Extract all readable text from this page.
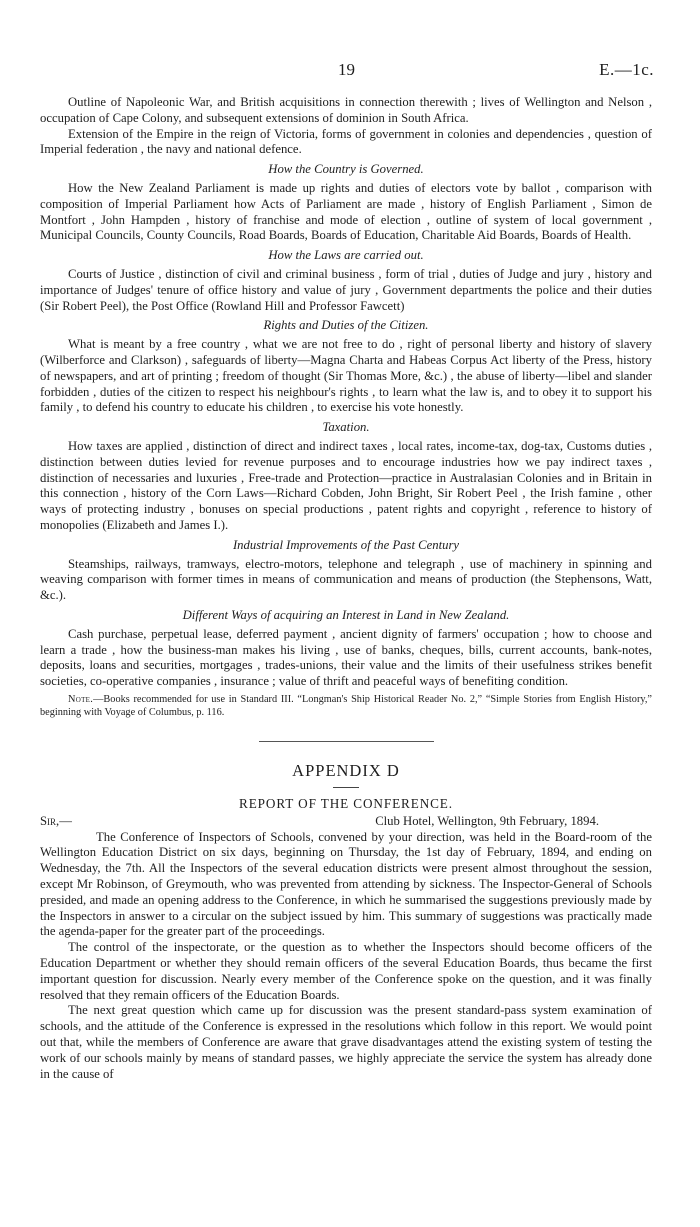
19	E.—1c.

Outline of Napoleonic War, and British acquisitions in connection therewith ; lives of Wellington and Nelson , occupation of Cape Colony, and subsequent extensions of dominion in South Africa.

Extension of the Empire in the reign of Victoria, forms of government in colonies and dependencies , question of Imperial federation , the navy and national defence.

How the Country is Governed.

How the New Zealand Parliament is made up rights and duties of electors vote by ballot , comparison with composition of Imperial Parliament how Acts of Parliament are made , history of English Parliament , Simon de Montfort , John Hampden , history of franchise and mode of election , outline of system of local government , Municipal Councils, County Councils, Road Boards, Boards of Education, Charitable Aid Boards, Boards of Health.

How the Laws are carried out.

Courts of Justice , distinction of civil and criminal business , form of trial , duties of Judge and jury , history and importance of Judges' tenure of office history and value of jury , Government departments the police and their duties (Sir Robert Peel), the Post Office (Rowland Hill and Professor Fawcett)

Rights and Duties of the Citizen.

What is meant by a free country , what we are not free to do , right of personal liberty and history of slavery (Wilberforce and Clarkson) , safeguards of liberty—Magna Charta and Habeas Corpus Act liberty of the Press, history of newspapers, and art of printing ; freedom of thought (Sir Thomas More, &c.) , the abuse of liberty—libel and slander forbidden , duties of the citizen to respect his neighbour's rights , to learn what the law is, and to obey it to support his family , to defend his country to educate his children , to exercise his vote honestly.

Taxation.

How taxes are applied , distinction of direct and indirect taxes , local rates, income-tax, dog-tax, Customs duties , distinction between duties levied for revenue purposes and to encourage industries how we pay indirect taxes , distinction of necessaries and luxuries , Free-trade and Protection—practice in Australasian Colonies and in Britain in this connection , history of the Corn Laws—Richard Cobden, John Bright, Sir Robert Peel , the Irish famine , other ways of protecting industry , bonuses on special productions , patent rights and copyright , reference to history of monopolies (Elizabeth and James I.).

Industrial Improvements of the Past Century

Steamships, railways, tramways, electro-motors, telephone and telegraph , use of machinery in spinning and weaving comparison with former times in means of communication and means of production (the Stephensons, Watt, &c.).

Different Ways of acquiring an Interest in Land in New Zealand.

Cash purchase, perpetual lease, deferred payment , ancient dignity of farmers' occupation ; how to choose and learn a trade , how the business-man makes his living , use of banks, cheques, bills, current accounts, bank-notes, deposits, loans and securities, mortgages , trades-unions, their value and the limits of their usefulness strikes benefit societies, co-operative companies , insurance ; value of thrift and peaceful ways of benefiting condition.

Note.—Books recommended for use in Standard III. “Longman's Ship Historical Reader No. 2,” “Simple Stories from English History,” beginning with Voyage of Columbus, p. 116.
APPENDIX D
REPORT OF THE CONFERENCE.
Sir,—	Club Hotel, Wellington, 9th February, 1894.

The Conference of Inspectors of Schools, convened by your direction, was held in the Board-room of the Wellington Education District on six days, beginning on Thursday, the 1st day of February, 1894, and ending on Wednesday, the 7th. All the Inspectors of the several education districts were present almost throughout the session, except Mr Robinson, of Greymouth, who was prevented from attending by sickness. The Inspector-General of Schools presided, and made an opening address to the Conference, in which he summarised the suggestions previously made by the Inspectors in answer to a circular on the subject issued by him. This summary of suggestions was practically made the agenda-paper for the greater part of the proceedings.

The control of the inspectorate, or the question as to whether the Inspectors should become officers of the Education Department or whether they should remain officers of the several Education Boards, thus became the first important question for discussion. Nearly every member of the Conference spoke on the question, and it was finally resolved that they remain officers of the Education Boards.

The next great question which came up for discussion was the present standard-pass system examination of schools, and the attitude of the Conference is expressed in the resolutions which follow in this report. We would point out that, while the members of Conference are aware that grave disadvantages attend the existing system of testing the work of our schools mainly by means of standard passes, we highly appreciate the service the system has already done in the cause of
